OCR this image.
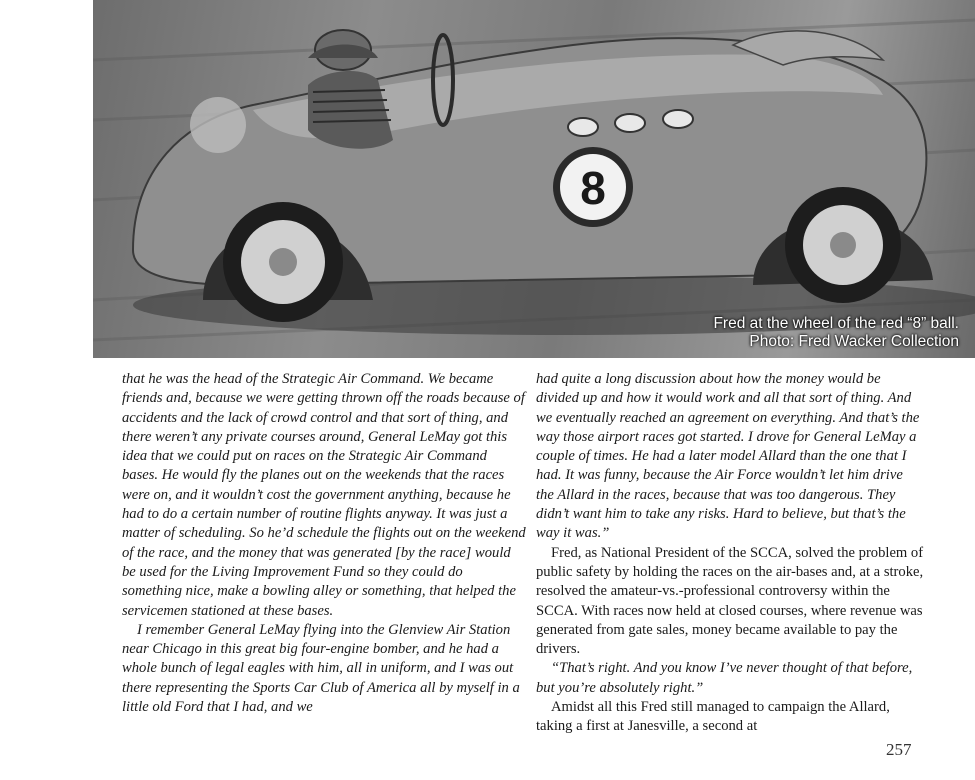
8
Fred at the wheel of the red “8” ball.
Photo: Fred Wacker Collection

that he was the head of the Strategic Air Command. We became friends and, because we were getting thrown off the roads because of accidents and the lack of crowd control and that sort of thing, and there weren’t any private courses around, General LeMay got this idea that we could put on races on the Strategic Air Command bases. He would fly the planes out on the weekends that the races were on, and it wouldn’t cost the government anything, because he had to do a certain number of routine flights anyway. It was just a matter of scheduling. So he’d schedule the flights out on the weekend of the race, and the money that was generated [by the race] would be used for the Living Improvement Fund so they could do something nice, make a bowling alley or something, that helped the servicemen stationed at these bases.

I remember General LeMay flying into the Glenview Air Station near Chicago in this great big four-engine bomber, and he had a whole bunch of legal eagles with him, all in uniform, and I was out there representing the Sports Car Club of America all by myself in a little old Ford that I had, and we

had quite a long discussion about how the money would be divided up and how it would work and all that sort of thing. And we eventually reached an agreement on everything. And that’s the way those airport races got started. I drove for General LeMay a couple of times. He had a later model Allard than the one that I had. It was funny, because the Air Force wouldn’t let him drive the Allard in the races, because that was too dangerous. They didn’t want him to take any risks. Hard to believe, but that’s the way it was.”

Fred, as National President of the SCCA, solved the problem of public safety by holding the races on the air-bases and, at a stroke, resolved the amateur-vs.-professional controversy within the SCCA. With races now held at closed courses, where revenue was generated from gate sales, money became available to pay the drivers.

“That’s right. And you know I’ve never thought of that before, but you’re absolutely right.”

Amidst all this Fred still managed to campaign the Allard, taking a first at Janesville, a second at

257
